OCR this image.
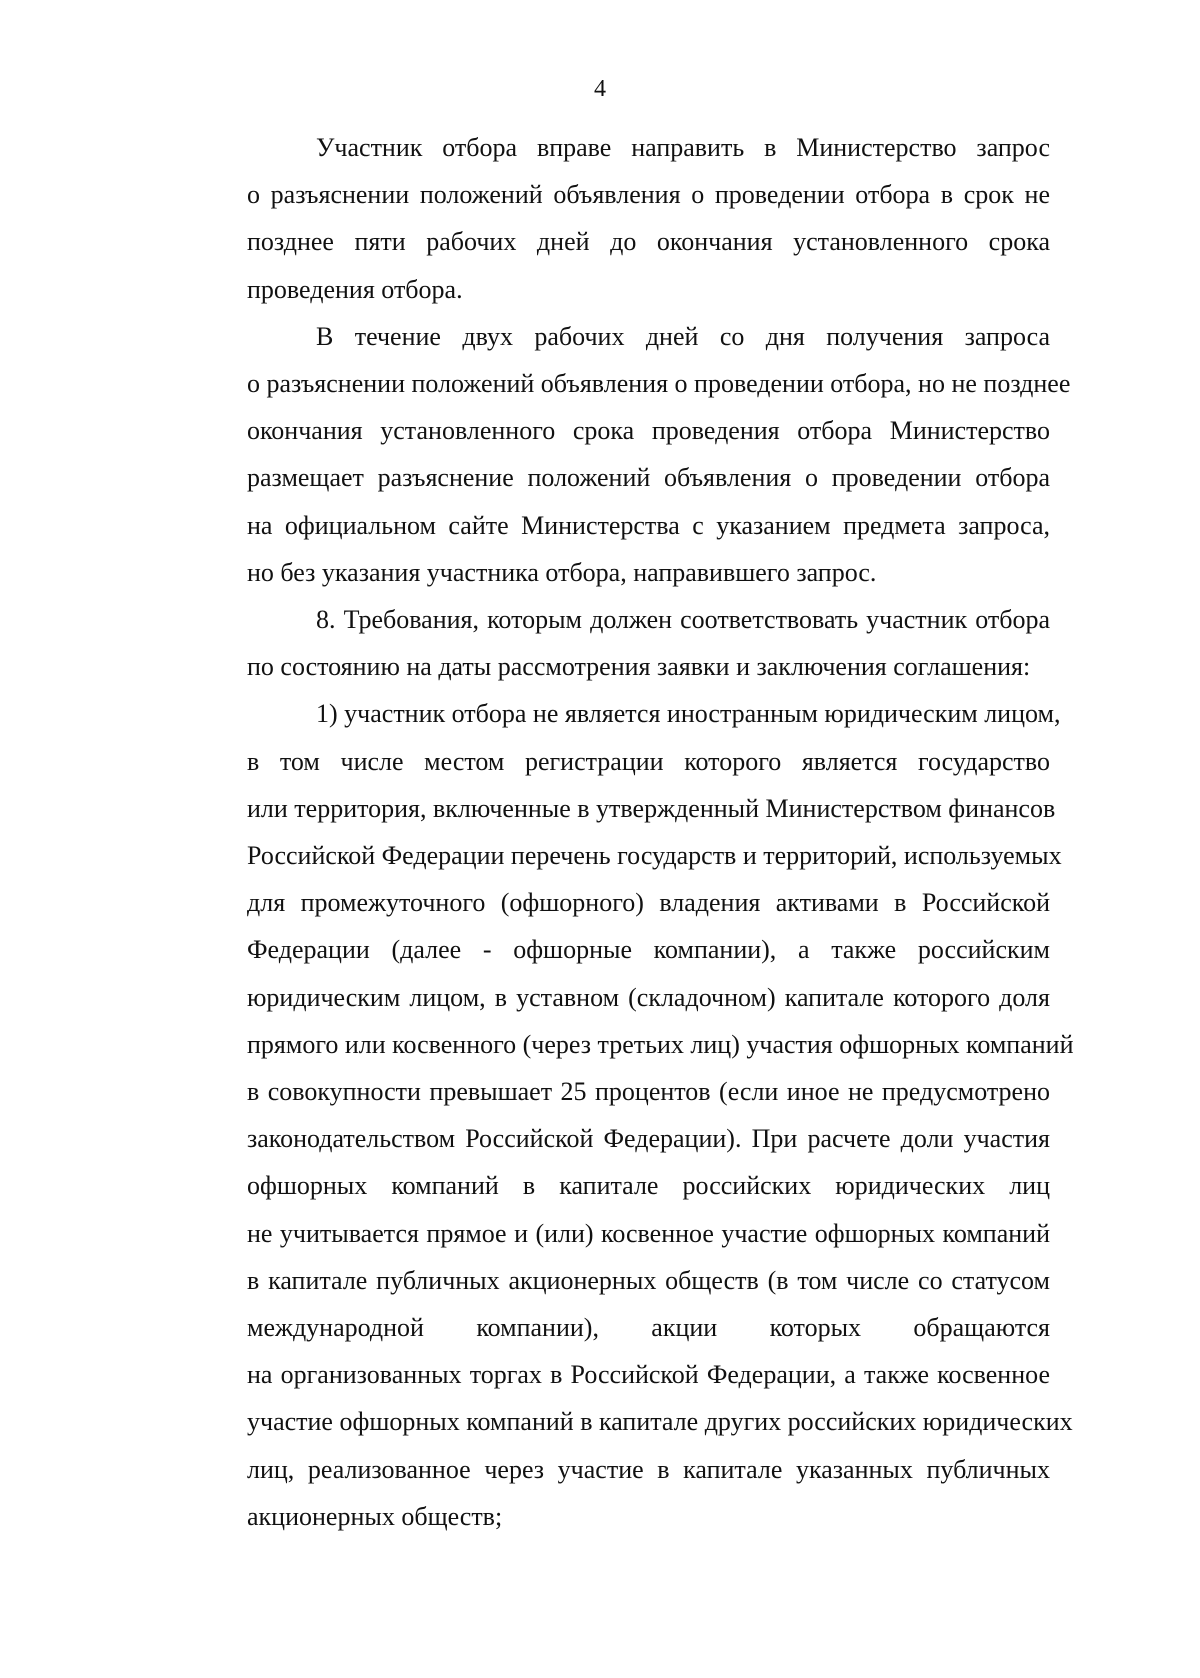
4

Участник отбора вправе направить в Министерство запрос
о разъяснении положений объявления о проведении отбора в срок не
позднее пяти рабочих дней до окончания установленного срока
проведения отбора.

В течение двух рабочих дней со дня получения запроса
о разъяснении положений объявления о проведении отбора, но не позднее
окончания установленного срока проведения отбора Министерство
размещает разъяснение положений объявления о проведении отбора
на официальном сайте Министерства с указанием предмета запроса,
но без указания участника отбора, направившего запрос.

8. Требования, которым должен соответствовать участник отбора
по состоянию на даты рассмотрения заявки и заключения соглашения:

1) участник отбора не является иностранным юридическим лицом,
в том числе местом регистрации которого является государство
или территория, включенные в утвержденный Министерством финансов
Российской Федерации перечень государств и территорий, используемых
для промежуточного (офшорного) владения активами в Российской
Федерации (далее - офшорные компании), а также российским
юридическим лицом, в уставном (складочном) капитале которого доля
прямого или косвенного (через третьих лиц) участия офшорных компаний
в совокупности превышает 25 процентов (если иное не предусмотрено
законодательством Российской Федерации). При расчете доли участия
офшорных компаний в капитале российских юридических лиц
не учитывается прямое и (или) косвенное участие офшорных компаний
в капитале публичных акционерных обществ (в том числе со статусом
международной компании), акции которых обращаются
на организованных торгах в Российской Федерации, а также косвенное
участие офшорных компаний в капитале других российских юридических
лиц, реализованное через участие в капитале указанных публичных
акционерных обществ;
